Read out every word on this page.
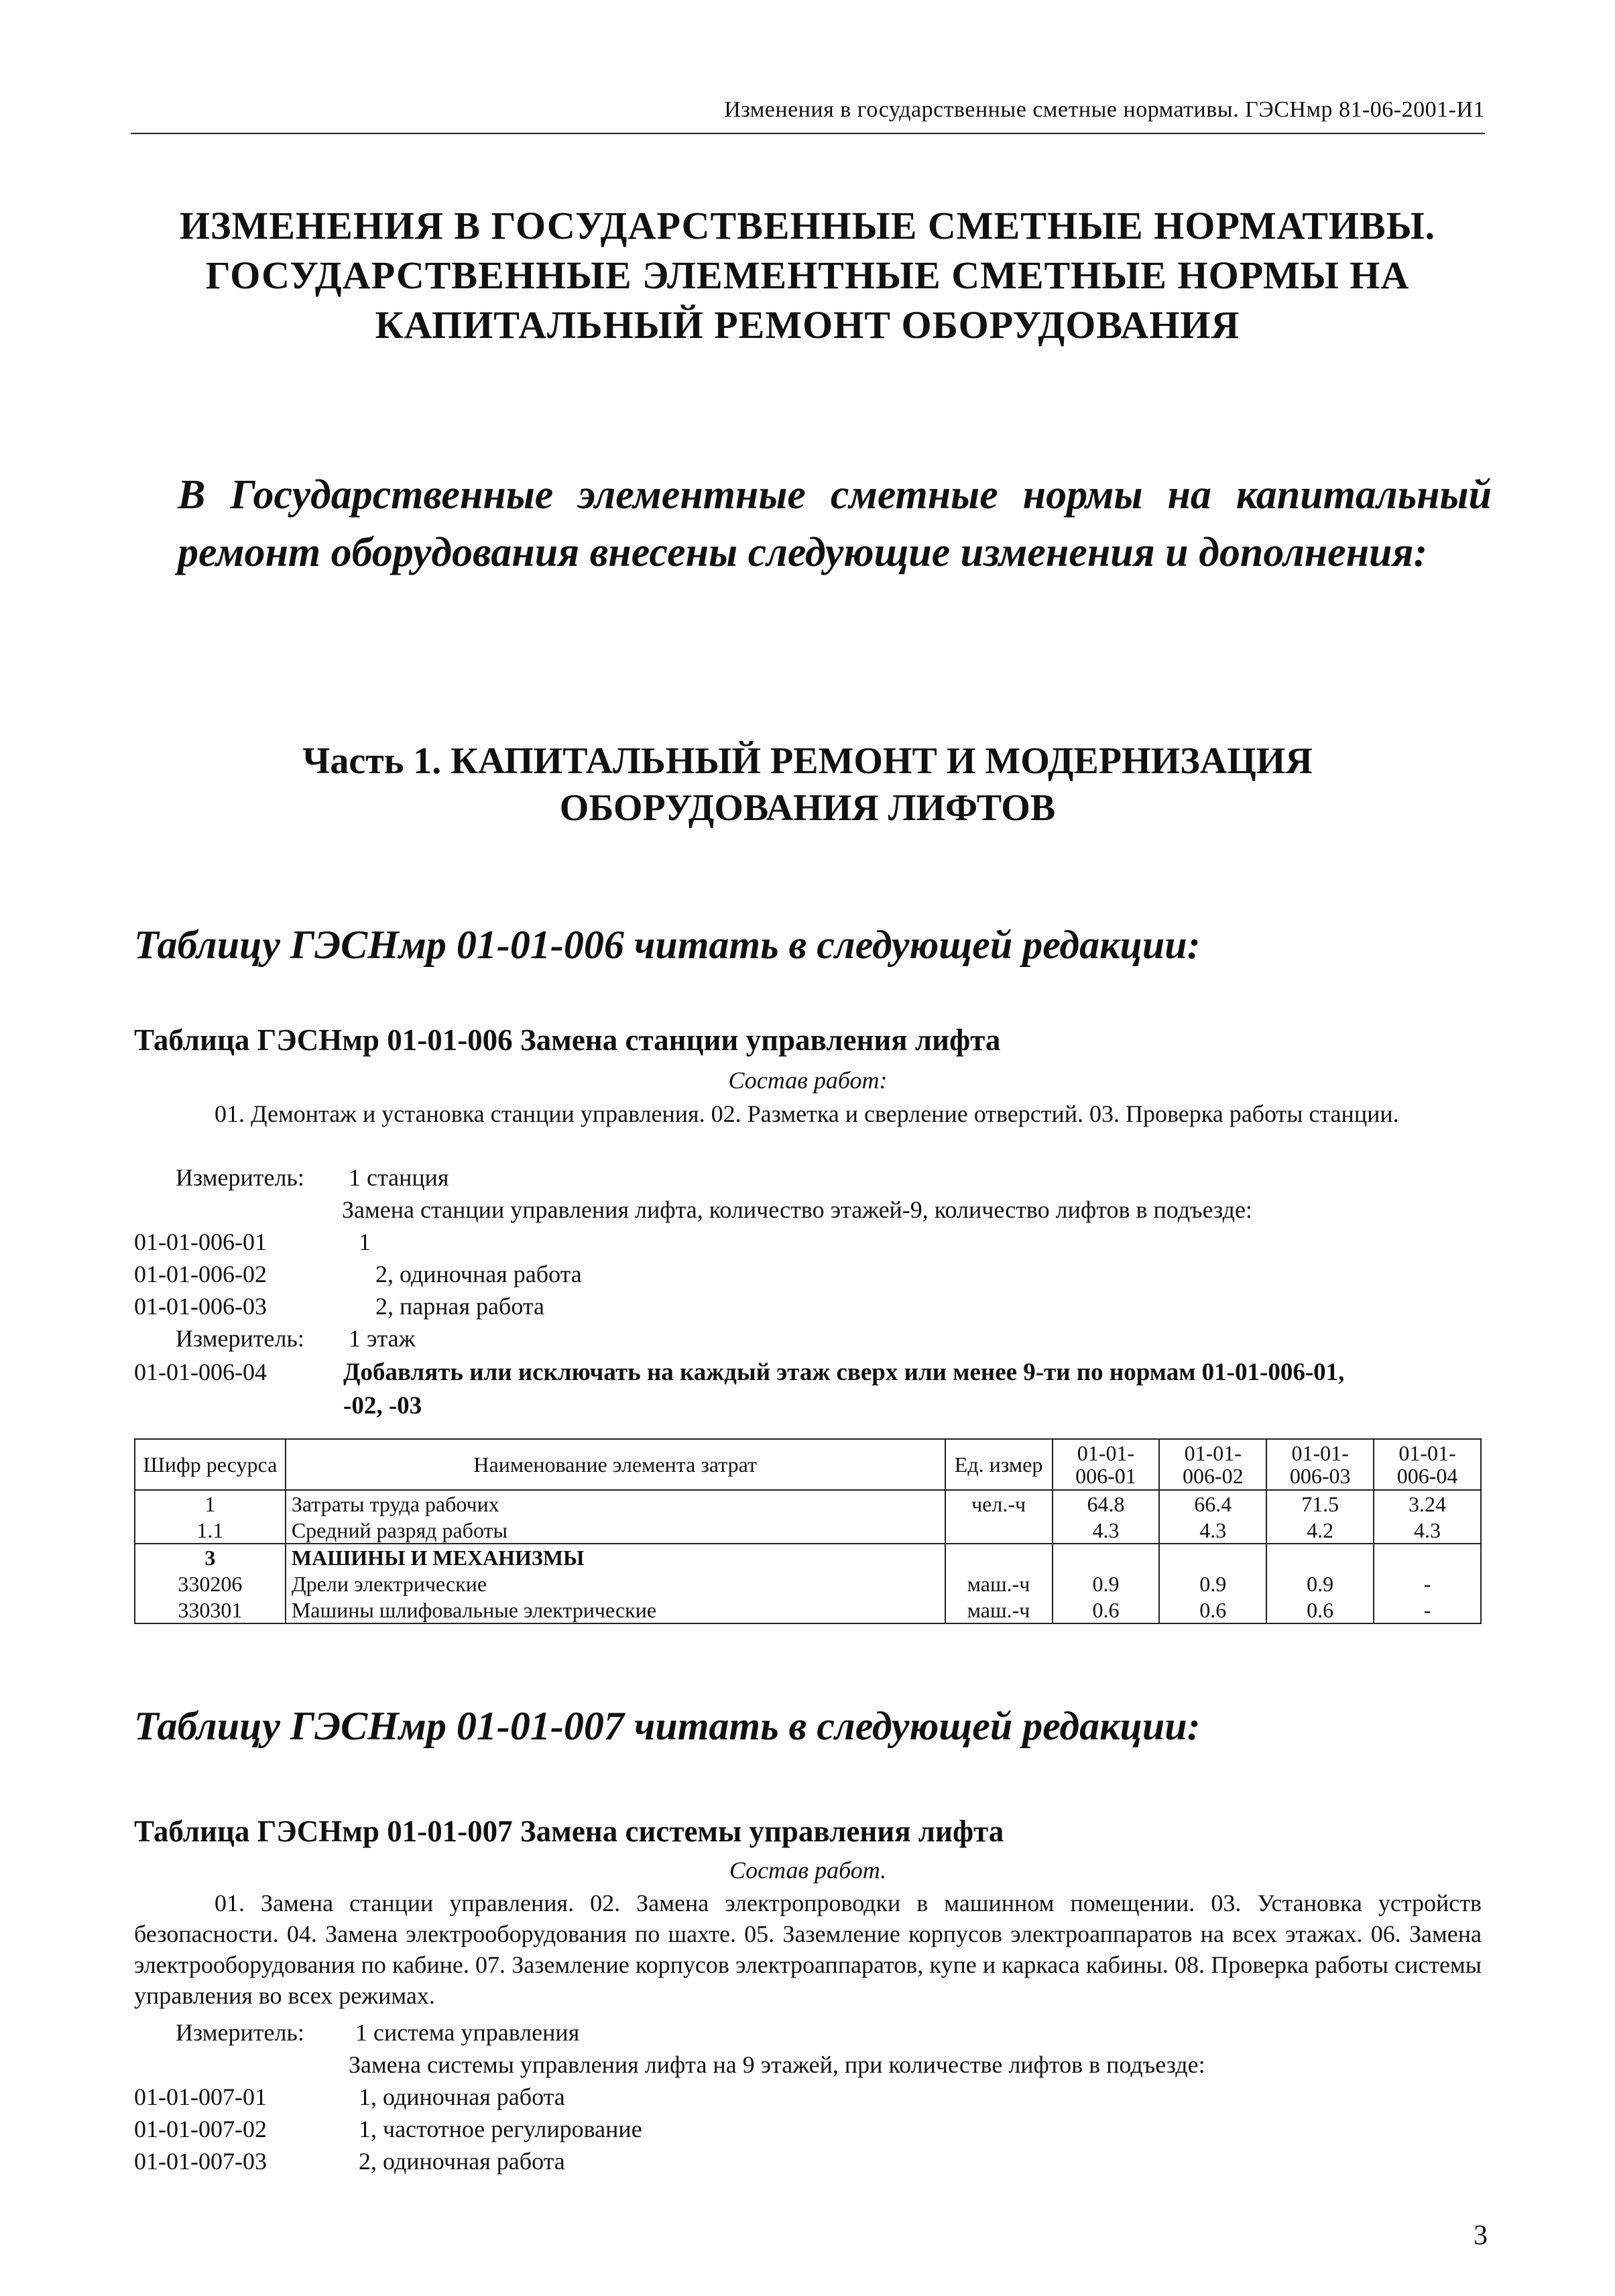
Изменения в государственные сметные нормативы. ГЭСНмр 81-06-2001-И1
ИЗМЕНЕНИЯ В ГОСУДАРСТВЕННЫЕ СМЕТНЫЕ НОРМАТИВЫ.
ГОСУДАРСТВЕННЫЕ ЭЛЕМЕНТНЫЕ СМЕТНЫЕ НОРМЫ НА
КАПИТАЛЬНЫЙ РЕМОНТ ОБОРУДОВАНИЯ
В Государственные элементные сметные нормы на капитальный ремонт оборудования внесены следующие изменения и дополнения:
Часть 1. КАПИТАЛЬНЫЙ РЕМОНТ И МОДЕРНИЗАЦИЯ
ОБОРУДОВАНИЯ ЛИФТОВ
Таблицу ГЭСНмр 01-01-006 читать в следующей редакции:
Таблица ГЭСНмр 01-01-006 Замена станции управления лифта
Состав работ:
01. Демонтаж и установка станции управления. 02. Разметка и сверление отверстий. 03. Проверка работы станции.
Измеритель: 1 станция
Замена станции управления лифта, количество этажей-9, количество лифтов в подъезде:
01-01-006-01	1
01-01-006-02	2, одиночная работа
01-01-006-03	2, парная работа
Измеритель: 1 этаж
01-01-006-04	Добавлять или исключать на каждый этаж сверх или менее 9-ти по нормам 01-01-006-01,
-02, -03
Шифр ресурса	Наименование элемента затрат	Ед. измер	01-01-006-01	01-01-006-02	01-01-006-03	01-01-006-04
1	Затраты труда рабочих	чел.-ч	64.8	66.4	71.5	3.24
1.1	Средний разряд работы		4.3	4.3	4.2	4.3
3	МАШИНЫ И МЕХАНИЗМЫ					
330206	Дрели электрические	маш.-ч	0.9	0.9	0.9	-
330301	Машины шлифовальные электрические	маш.-ч	0.6	0.6	0.6	-
Таблицу ГЭСНмр 01-01-007 читать в следующей редакции:
Таблица ГЭСНмр 01-01-007 Замена системы управления лифта
Состав работ.
01. Замена станции управления. 02. Замена электропроводки в машинном помещении. 03. Установка устройств безопасности. 04. Замена электрооборудования по шахте. 05. Заземление корпусов электроаппаратов на всех этажах. 06. Замена электрооборудования по кабине. 07. Заземление корпусов электроаппаратов, купе и каркаса кабины. 08. Проверка работы системы управления во всех режимах.
Измеритель: 1 система управления
Замена системы управления лифта на 9 этажей, при количестве лифтов в подъезде:
01-01-007-01	1, одиночная работа
01-01-007-02	1, частотное регулирование
01-01-007-03	2, одиночная работа
3
